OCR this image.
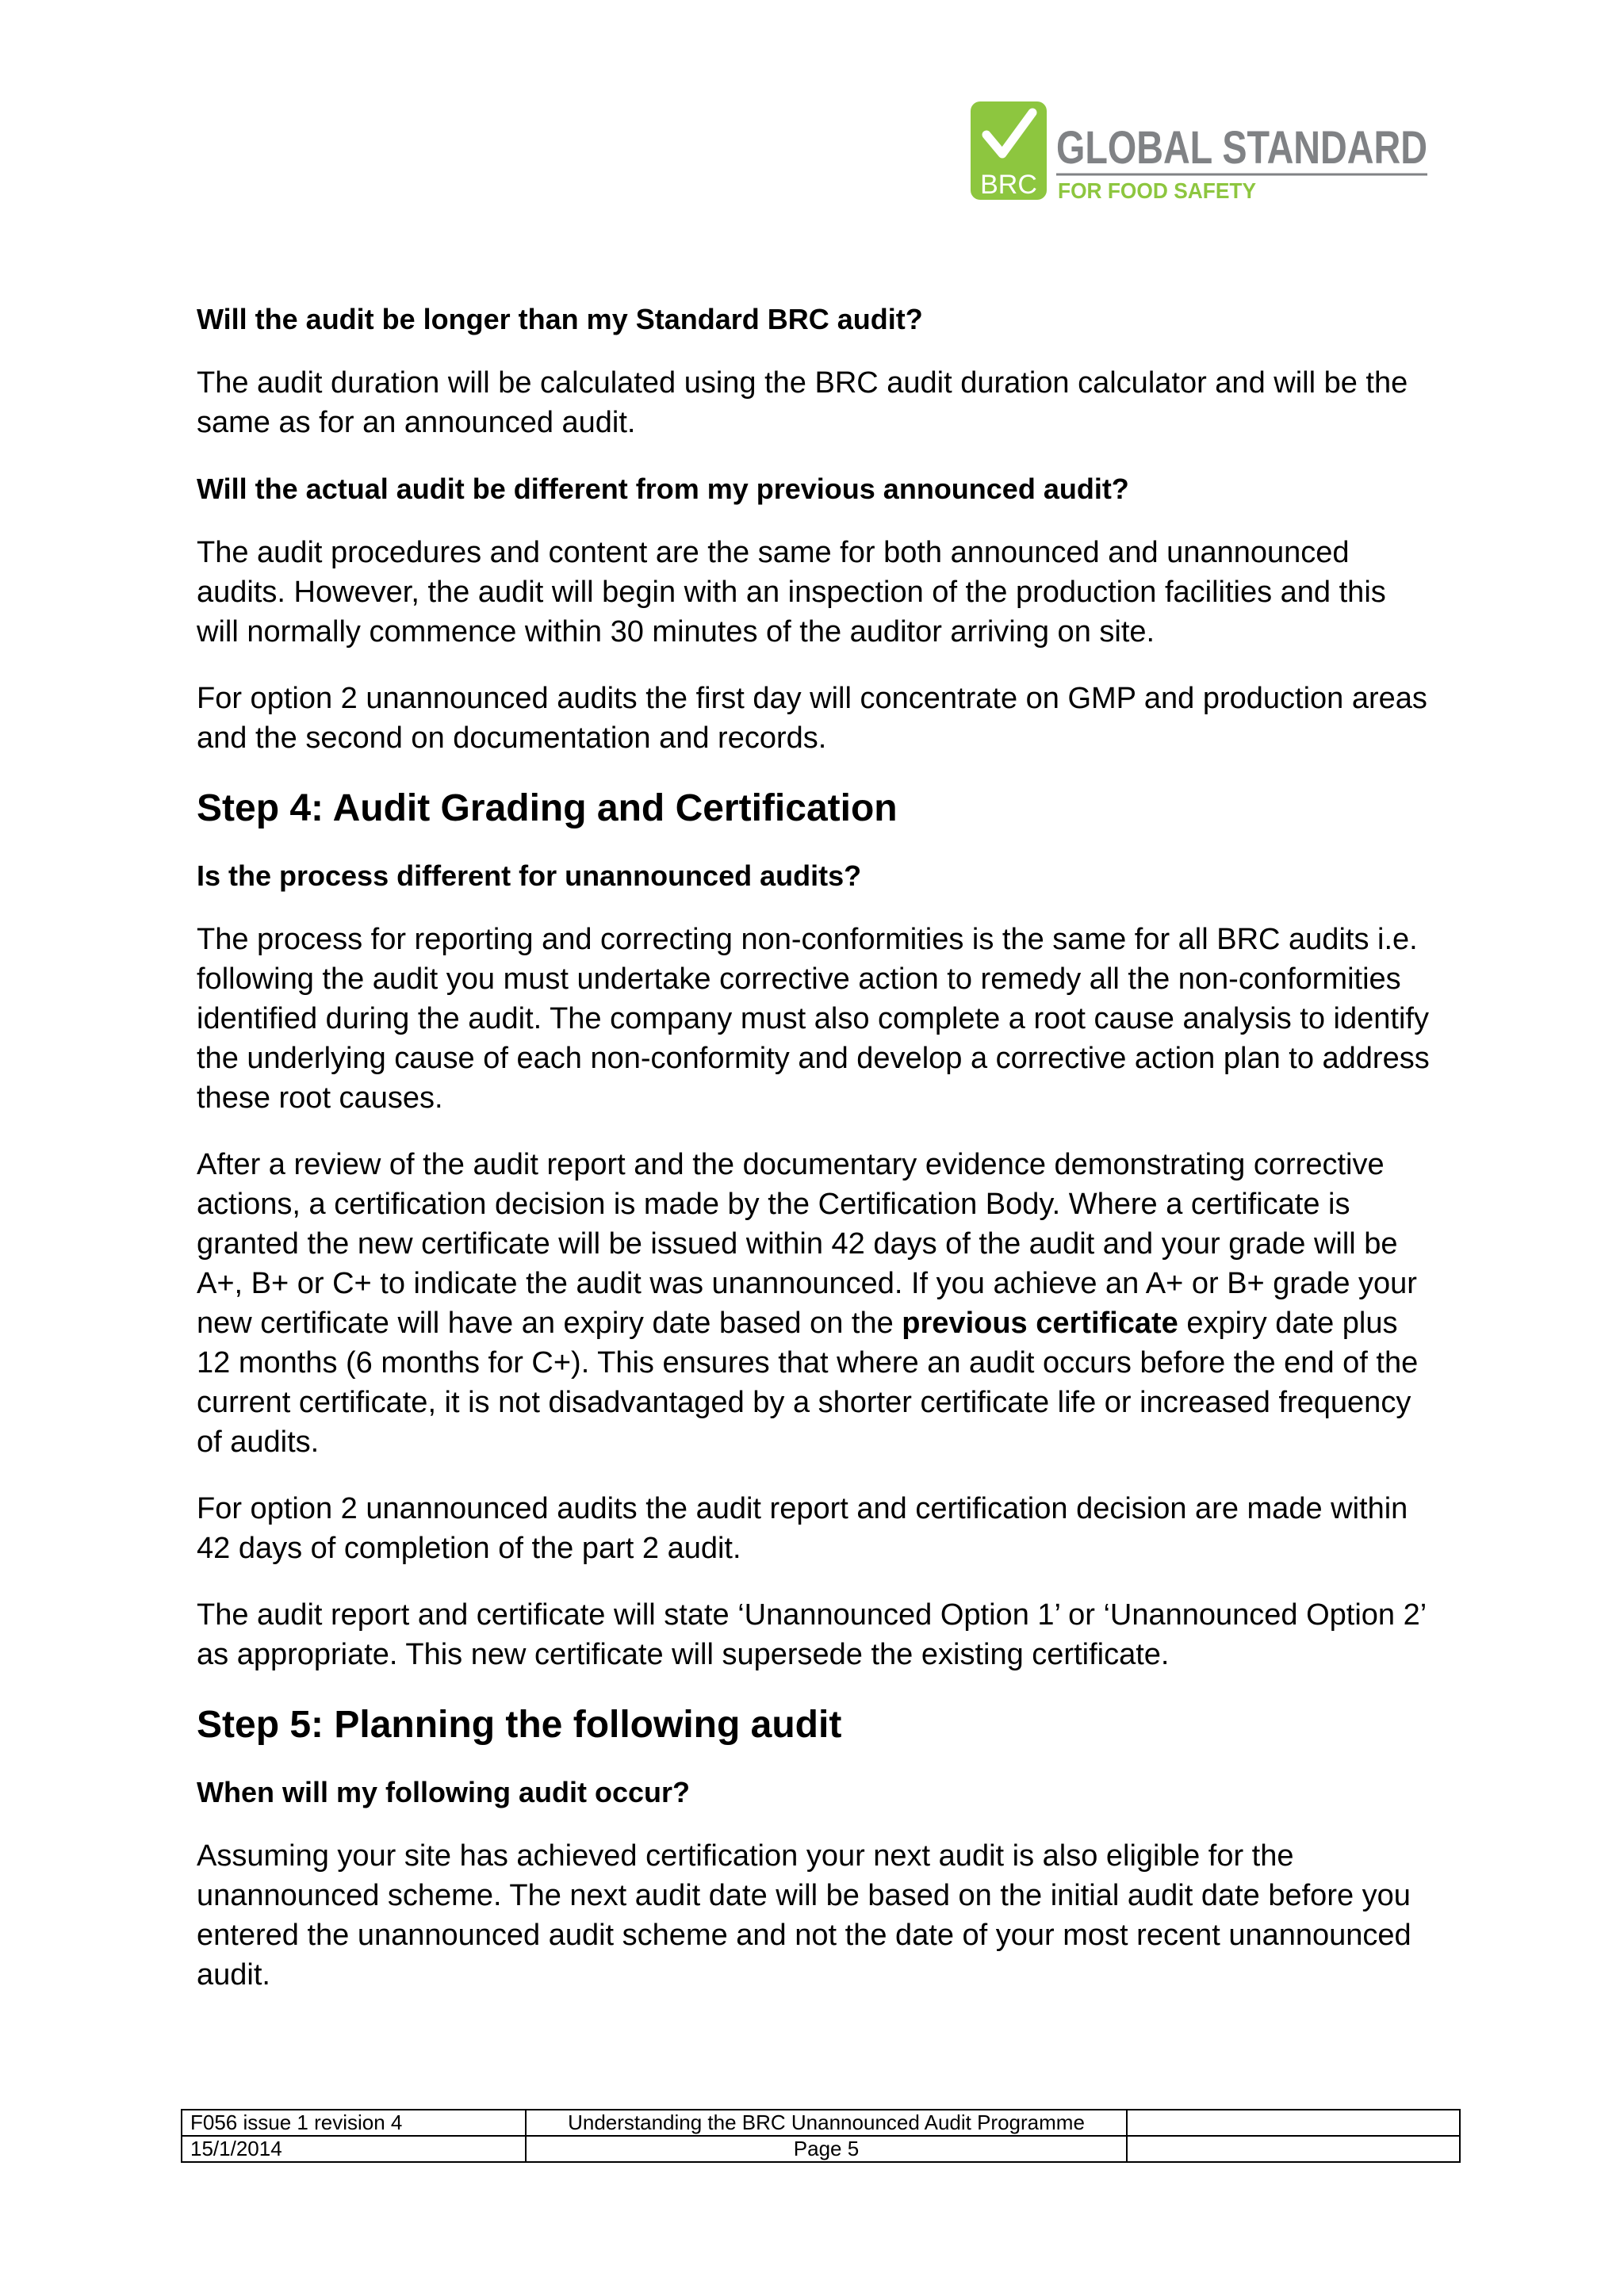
BRC
GLOBAL STANDARD
FOR FOOD SAFETY
Will the audit be longer than my Standard BRC audit?
The audit duration will be calculated using the BRC audit duration calculator and will be the same as for an announced audit.
Will the actual audit be different from my previous announced audit?
The audit procedures and content are the same for both announced and unannounced audits. However, the audit will begin with an inspection of the production facilities and this will normally commence within 30 minutes of the auditor arriving on site.
For option 2 unannounced audits the first day will concentrate on GMP and production areas and the second on documentation and records.
Step 4: Audit Grading and Certification
Is the process different for unannounced audits?
The process for reporting and correcting non-conformities is the same for all BRC audits i.e. following the audit you must undertake corrective action to remedy all the non-conformities identified during the audit. The company must also complete a root cause analysis to identify the underlying cause of each non-conformity and develop a corrective action plan to address these root causes.
After a review of the audit report and the documentary evidence demonstrating corrective actions, a certification decision is made by the Certification Body. Where a certificate is granted the new certificate will be issued within 42 days of the audit and your grade will be A+, B+ or C+ to indicate the audit was unannounced. If you achieve an A+ or B+ grade your new certificate will have an expiry date based on the previous certificate expiry date plus 12 months (6 months for C+). This ensures that where an audit occurs before the end of the current certificate, it is not disadvantaged by a shorter certificate life or increased frequency of audits.
For option 2 unannounced audits the audit report and certification decision are made within 42 days of completion of the part 2 audit.
The audit report and certificate will state ‘Unannounced Option 1’ or ‘Unannounced Option 2’ as appropriate. This new certificate will supersede the existing certificate.
Step 5: Planning the following audit
When will my following audit occur?
Assuming your site has achieved certification your next audit is also eligible for the unannounced scheme. The next audit date will be based on the initial audit date before you entered the unannounced audit scheme and not the date of your most recent unannounced audit.
F056 issue 1 revision 4	Understanding the BRC Unannounced Audit Programme	
15/1/2014	Page 5	
